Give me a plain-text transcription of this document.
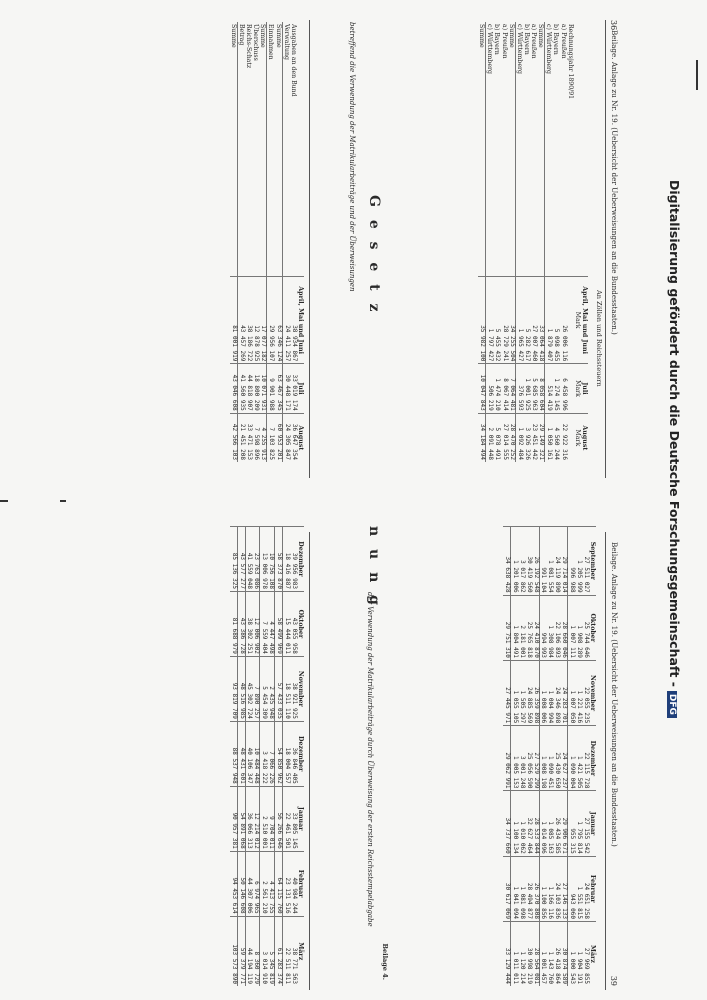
36
Beilage. Anlage zu Nr. 19. (Uebersicht der Ueberweisungen an die Bundesstaaten.)
An Zöllen und Reichssteuern
	April, Mai und Juni	Juli	August
	Mark	Mark	Mark
Rechnungsjahr 1890/91			
a) Preußen	26 006 116	6 458 996	22 922 316
b) Bayern	5 098 455	1 274 145	4 560 244
c) Württemberg	1 879 407	514 419	1 050 161
Summe	33 064 418	8 058 604	29 149 321
a) Preußen	27 007 460	5 685 963	23 451 442
b) Bayern	5 282 617	1 001 925	3 926 326
c) Württemberg	1 965 427	376 593	1 092 484
Summe	34 255 504	7 064 481	28 470 252
a) Preußen	28 729 241	8 067 414	27 014 555
b) Bayern	5 455 432	1 474 210	5 078 491
c) Württemberg	1 797 427	506 219	2 091 448
Summe	35 982 100	10 047 843	34 184 494
G e s e t z
betreffend die Verwendung der Matrikularbeiträge und der Überweisungen
	April, Mai und Juni	Juli	August
Ausgaben an den Bund	38 934 867	33 019 174	36 647 354
Verwaltung	24 411 257	30 448 171	24 305 847
Summe	63 346 124	63 467 345	60 953 201
Einnahmen	29 956 107	9 901 988	7 103 825
Summe	17 077 182	10 071 931	4 255 913
Überschuss	12 878 925	18 800 209	7 598 896
Reichs-Schatz	38 186 722	44 818 907	33 471 153
Betrag	43 457 269	41 560 935	21 451 208
Summe	81 001 919	43 046 608	42 566 103
Beilage. Anlage zu Nr. 19. (Uebersicht der Ueberweisungen an die Bundesstaaten.)
39
September	Oktober	November	Dezember	Januar	Februar	März
27 511 027	25 744 646	22 055 235	22 115 728	27 155 542	24 651 258	27 969 855
1 205 999	1 908 289	1 221 416	1 421 505	1 795 814	1 551 815	1 904 191
996 988	1 007 111	1 007 050	1 090 004	955 315	943 060	1 000 543
29 714 014	28 660 046	24 283 701	24 627 237	29 906 671	27 146 133	30 874 589
24 119 890	22 106 893	24 346 898	25 430 650	26 434 585	24 103 836	26 418 864
1 081 554	1 308 984	1 004 994	1 090 451	1 085 163	1 166 116	1 143 760
991 104	994 993	1 008 006	1 008 198	1 014 096	1 100 856	1 001 457
26 192 548	24 410 870	26 359 898	27 529 299	28 533 844	26 370 808	28 564 081
30 419 560	25 765 818	24 885 569	25 056 590	32 627 464	28 494 877	30 998 219
3 017 862	2 181 001	1 505 297	3 001 248	1 010 062	1 081 098	1 120 214
1 201 006	1 804 491	1 055 105	1 005 153	1 100 134	1 041 094	1 011 011
34 638 428	29 751 310	27 445 971	29 062 991	34 737 660	30 617 069	33 129 444
n u n g
der Verwendung der Matrikularbeiträge durch Überweisung der ersten Reichsstempelabgabe
Beilage 4.
Dezember	Oktober	November	Dezember	Januar	Februar	März
39 956 983	43 055 958	38 921 925	36 846 405	33 805 145	40 984 244	38 771 563
18 416 887	15 444 011	18 511 110	18 004 557	22 461 501	23 131 516	22 511 811
58 373 870	58 499 969	57 433 035	54 850 962	56 266 646	64 115 760	61 283 374
10 756 108	4 447 498	2 435 948	7 066 226	9 704 011	4 413 755	5 345 819
13 006 978	7 559 404	5 454 309	3 418 222	2 510 001	2 561 210	3 014 910
23 763 086	12 006 902	7 890 257	10 484 448	12 214 012	6 974 965	8 360 729
41 559 048	38 302 251	45 302 724	40 106 347	36 066 313	44 307 006	44 194 119
43 577 277	43 386 728	48 516 985	48 431 601	54 891 068	50 146 608	59 379 771
85 136 325	81 688 979	93 819 709	88 537 948	90 957 381	94 453 614	103 573 890
Digitalisierung gefördert durch die Deutsche Forschungsgemeinschaft -DFG
